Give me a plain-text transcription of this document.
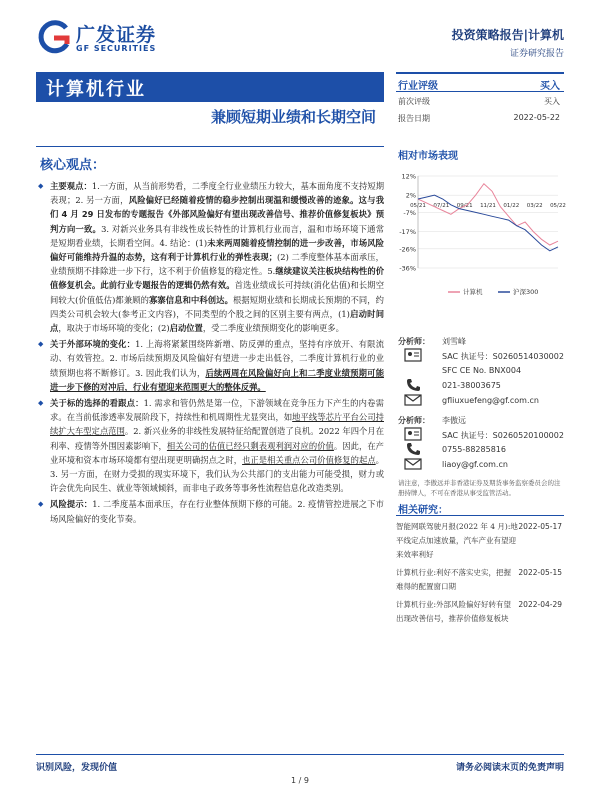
广发证券
GF SECURITIES
投资策略报告|计算机
证券研究报告
计算机行业
兼顾短期业绩和长期空间
行业评级	买入
前次评级	买入
报告日期	2022-05-22
相对市场表现
12%
2%
-7%
-17%
-26%
-36%
05/21 07/21 09/21 11/21 01/22 03/22 05/22
计算机	沪深300
分析师： 刘雪峰
SAC 执证号：S0260514030002
SFC CE No. BNX004
021-38003675
gfliuxuefeng@gf.com.cn
分析师： 李傲远
SAC 执证号：S0260520100002
0755-88285816
liaoy@gf.com.cn
请注意，李傲远并非香港证券及期货事务监察委员会的注册持牌人，不可在香港从事受监管活动。
相关研究：
智能网联驾驶月报(2022 年 4 月):地平线定点加速放量，汽车产业有望迎来效率利好
2022-05-17
计算机行业:利好不落实史实，把握难得的配置窗口期
2022-05-15
计算机行业:外部风险偏好好转有望出现改善信号，推荐价值修复板块
2022-04-29
核心观点：
◆ 主要观点：1.一方面，从当前形势看，二季度全行业业绩压力较大，基本面角度不支持短期表现；2. 另一方面，风险偏好已经随着疫情的稳步控制出现温和缓慢改善的迹象。这与我们 4 月 29 日发布的专题报告《外部风险偏好有望出现改善信号、推荐价值修复板块》预判方向一致。3. 对新兴业务具有非线性成长特性的计算机行业而言，温和市场环境下通常是短期看业绩，长期看空间。4. 结论：(1)未来两周随着疫情控制的进一步改善，市场风险偏好可能维持升温的态势，这有利于计算机行业的弹性表现；(2) 二季度整体基本面承压，业绩预期不排除进一步下行，这不利于价值修复的稳定性。5.继续建议关注板块结构性的价值修复机会。此前行业专题报告的逻辑仍然有效。首选业绩成长可持续(消化估值)和长期空间较大(价值低估)都兼顾的寡寨信息和中科创达。根据短期业绩和长期成长预期的不同，约四类公司机会较大(参考正文内容)，不同类型的个股之间的区别主要有两点，(1)启动时间点，取决于市场环境的变化；(2)启动位置，受二季度业绩预期变化的影响更多。
◆ 关于外部环境的变化：1. 上海将紧紧围绕阵新增、防反弹的重点，坚持有序放开、有限流动、有效管控。2. 市场后续预期及风险偏好有望进一步走出低谷，二季度计算机行业的业绩预期也将不断修订。3. 因此我们认为，后续两周在风险偏好向上和二季度业绩预期可能进一步下修的对冲后，行业有望迎来范围更大的整体反弹。
◆ 关于标的选择的看跟点：1. 需求和管仍然是第一位，下游领域在竞争压力下产生的内卷需求。在当前低渗透率发展阶段下，持续性和机周期性尤显突出，如地平线等芯片平台公司持续扩大车型定点范围。2. 新兴业务的非线性发展特征给配置创造了良机。2022 年四个月在利率、疫情等外围因素影响下，相关公司的估值已经只剩表观利润对应的价值。因此，在产业环境和资本市场环境都有望出现更明确拐点之时，也正是相关重点公司价值修复的起点。3. 另一方面，在财力受损的现实环境下，我们认为公共部门的支出能力可能受损，财力或许会优先向民生、就业等领域倾斜，而非电子政务等事务性流程信息化改造类别。
◆ 风险提示：1. 二季度基本面承压，存在行业整体预期下修的可能。2. 疫情管控进展之下市场风险偏好的变化节奏。
识别风险，发现价值	请务必阅读末页的免责声明
1 / 9
